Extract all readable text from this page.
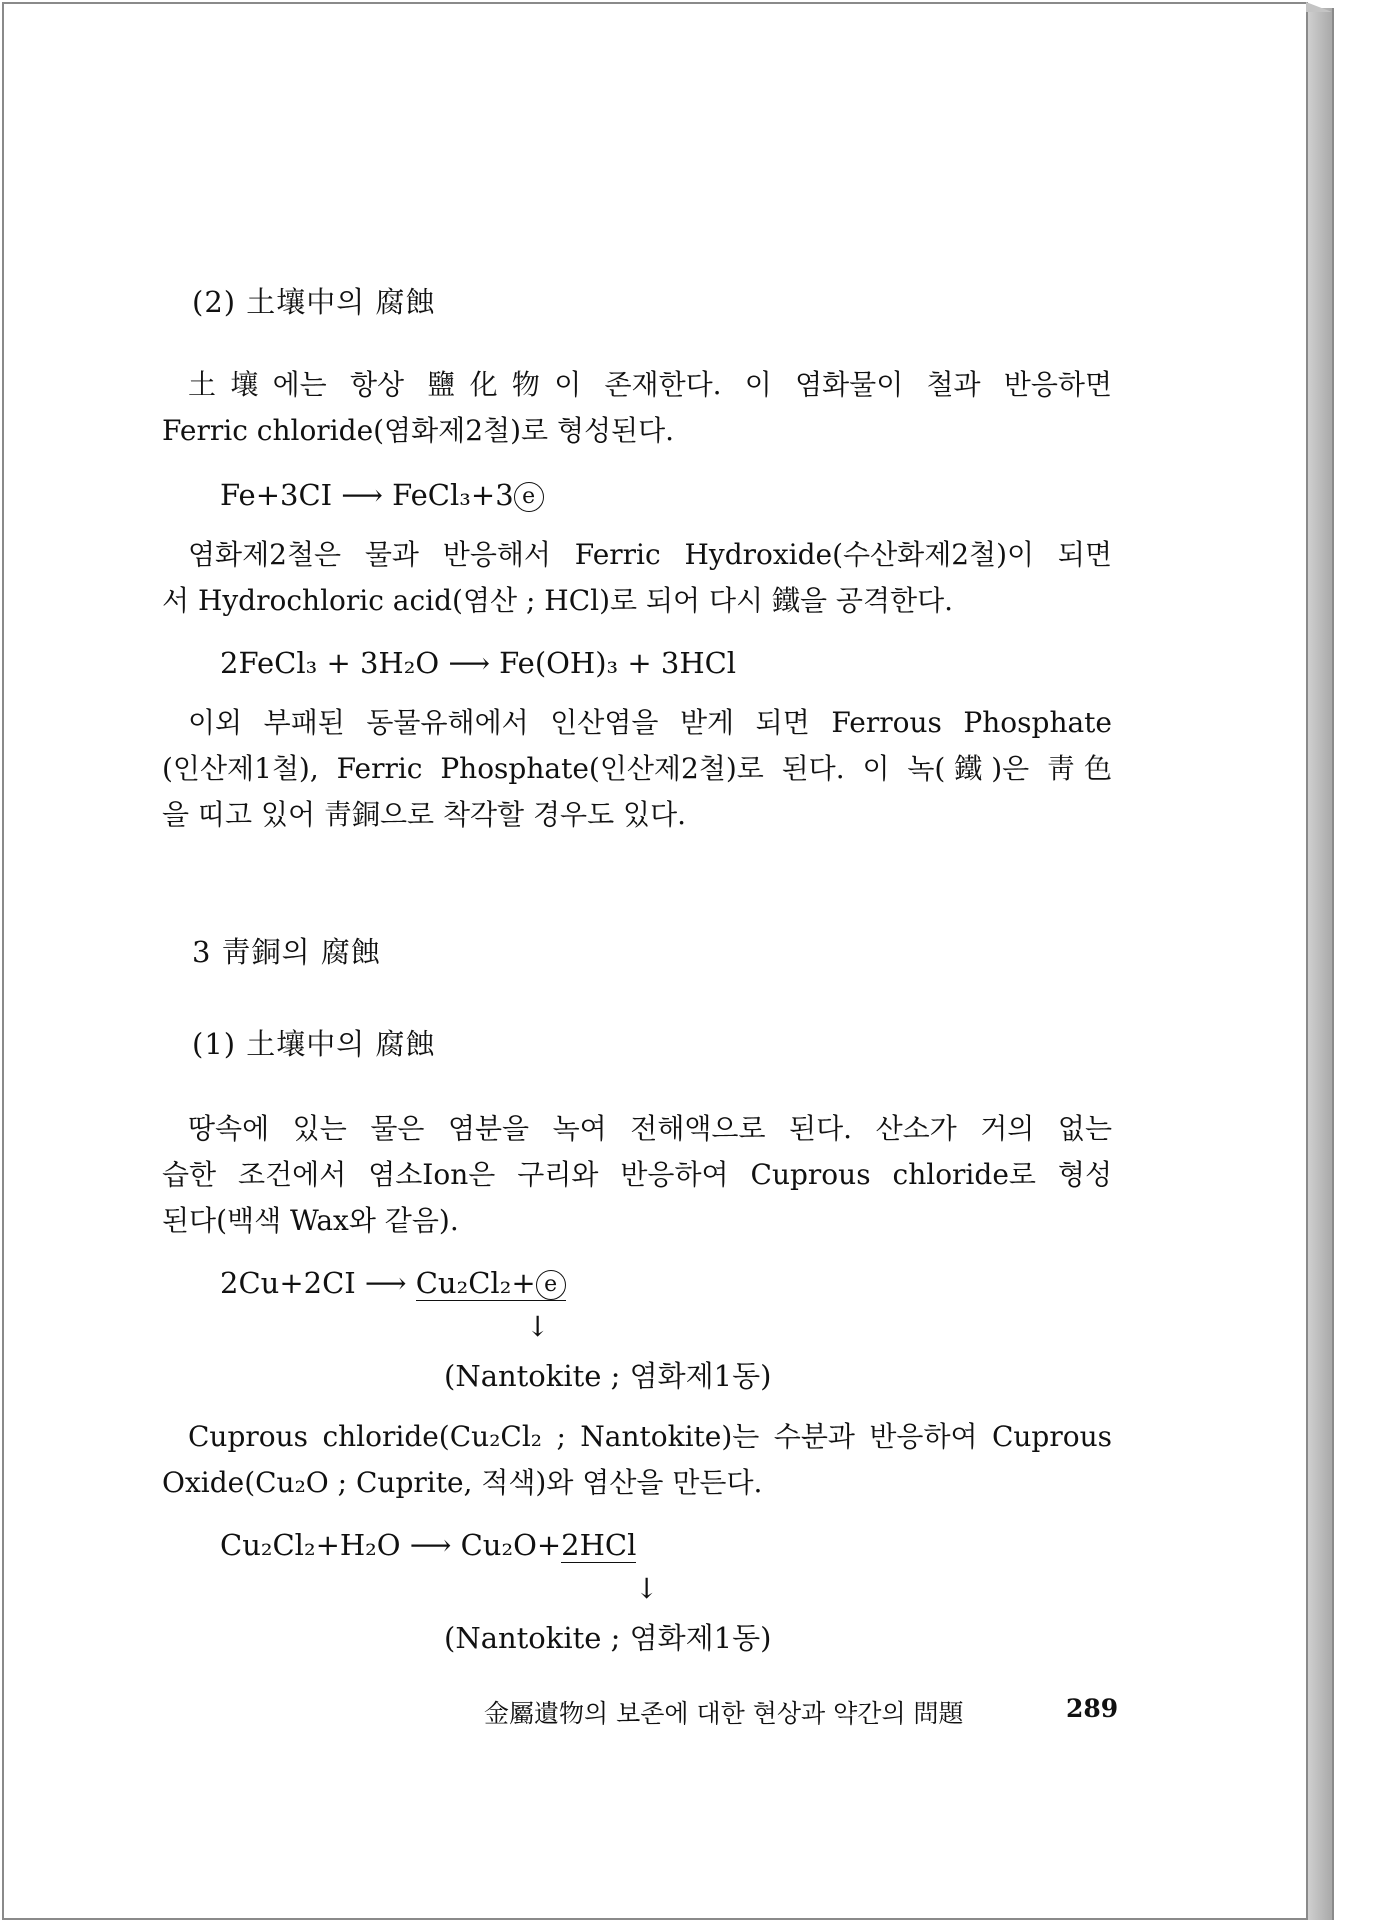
(2) 土壤中의 腐蝕
土壤에는 항상 鹽化物이 존재한다. 이 염화물이 철과 반응하면
Ferric chloride(염화제2철)로 형성된다.
Fe+3CI ⟶ FeCl₃+3 e
염화제2철은 물과 반응해서 Ferric Hydroxide(수산화제2철)이 되면
서 Hydrochloric acid(염산 ; HCl)로 되어 다시 鐵을 공격한다.
2FeCl₃ + 3H₂O ⟶ Fe(OH)₃ + 3HCl
이외 부패된 동물유해에서 인산염을 받게 되면 Ferrous Phosphate
(인산제1철), Ferric Phosphate(인산제2철)로 된다. 이 녹(鐵)은 靑色
을 띠고 있어 靑銅으로 착각할 경우도 있다.
3 靑銅의 腐蝕
(1) 土壤中의 腐蝕
땅속에 있는 물은 염분을 녹여 전해액으로 된다. 산소가 거의 없는
습한 조건에서 염소Ion은 구리와 반응하여 Cuprous chloride로 형성
된다(백색 Wax와 같음).
2Cu+2CI ⟶ Cu₂Cl₂+ e
↓
(Nantokite ; 염화제1동)
Cuprous chloride(Cu₂Cl₂ ; Nantokite)는 수분과 반응하여 Cuprous
Oxide(Cu₂O ; Cuprite, 적색)와 염산을 만든다.
Cu₂Cl₂+H₂O ⟶ Cu₂O+2HCl
↓
(Nantokite ; 염화제1동)
金屬遺物의 보존에 대한 현상과 약간의 問題	289
